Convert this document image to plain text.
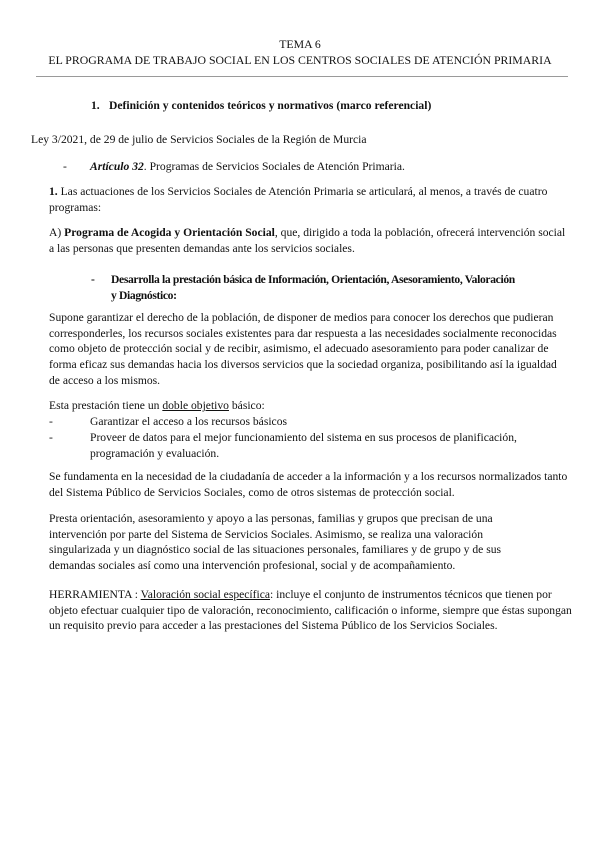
TEMA 6
EL PROGRAMA DE TRABAJO SOCIAL EN LOS CENTROS SOCIALES DE ATENCIÓN PRIMARIA
1. Definición y contenidos teóricos y normativos (marco referencial)
Ley 3/2021, de 29 de julio de Servicios Sociales de la Región de Murcia
- Artículo 32. Programas de Servicios Sociales de Atención Primaria.
1. Las actuaciones de los Servicios Sociales de Atención Primaria se articulará, al menos, a través de cuatro programas:
A) Programa de Acogida y Orientación Social, que, dirigido a toda la población, ofrecerá intervención social a las personas que presenten demandas ante los servicios sociales.
- Desarrolla la prestación básica de Información, Orientación, Asesoramiento, Valoración
y Diagnóstico:
Supone garantizar el derecho de la población, de disponer de medios para conocer los derechos que pudieran corresponderles, los recursos sociales existentes para dar respuesta a las necesidades socialmente reconocidas como objeto de protección social y de recibir, asimismo, el adecuado asesoramiento para poder canalizar de forma eficaz sus demandas hacia los diversos servicios que la sociedad organiza, posibilitando así la igualdad de acceso a los mismos.
Esta prestación tiene un doble objetivo básico:
-	Garantizar el acceso a los recursos básicos
-	Proveer de datos para el mejor funcionamiento del sistema en sus procesos de planificación,
programación y evaluación.
Se fundamenta en la necesidad de la ciudadanía de acceder a la información y a los recursos normalizados tanto del Sistema Público de Servicios Sociales, como de otros sistemas de protección social.
Presta orientación, asesoramiento y apoyo a las personas, familias y grupos que precisan de una intervención por parte del Sistema de Servicios Sociales. Asimismo, se realiza una valoración singularizada y un diagnóstico social de las situaciones personales, familiares y de grupo y de sus demandas sociales así como una intervención profesional, social y de acompañamiento.
HERRAMIENTA : Valoración social específica: incluye el conjunto de instrumentos técnicos que tienen por objeto efectuar cualquier tipo de valoración, reconocimiento, calificación o informe, siempre que éstas supongan un requisito previo para acceder a las prestaciones del Sistema Público de los Servicios Sociales.
